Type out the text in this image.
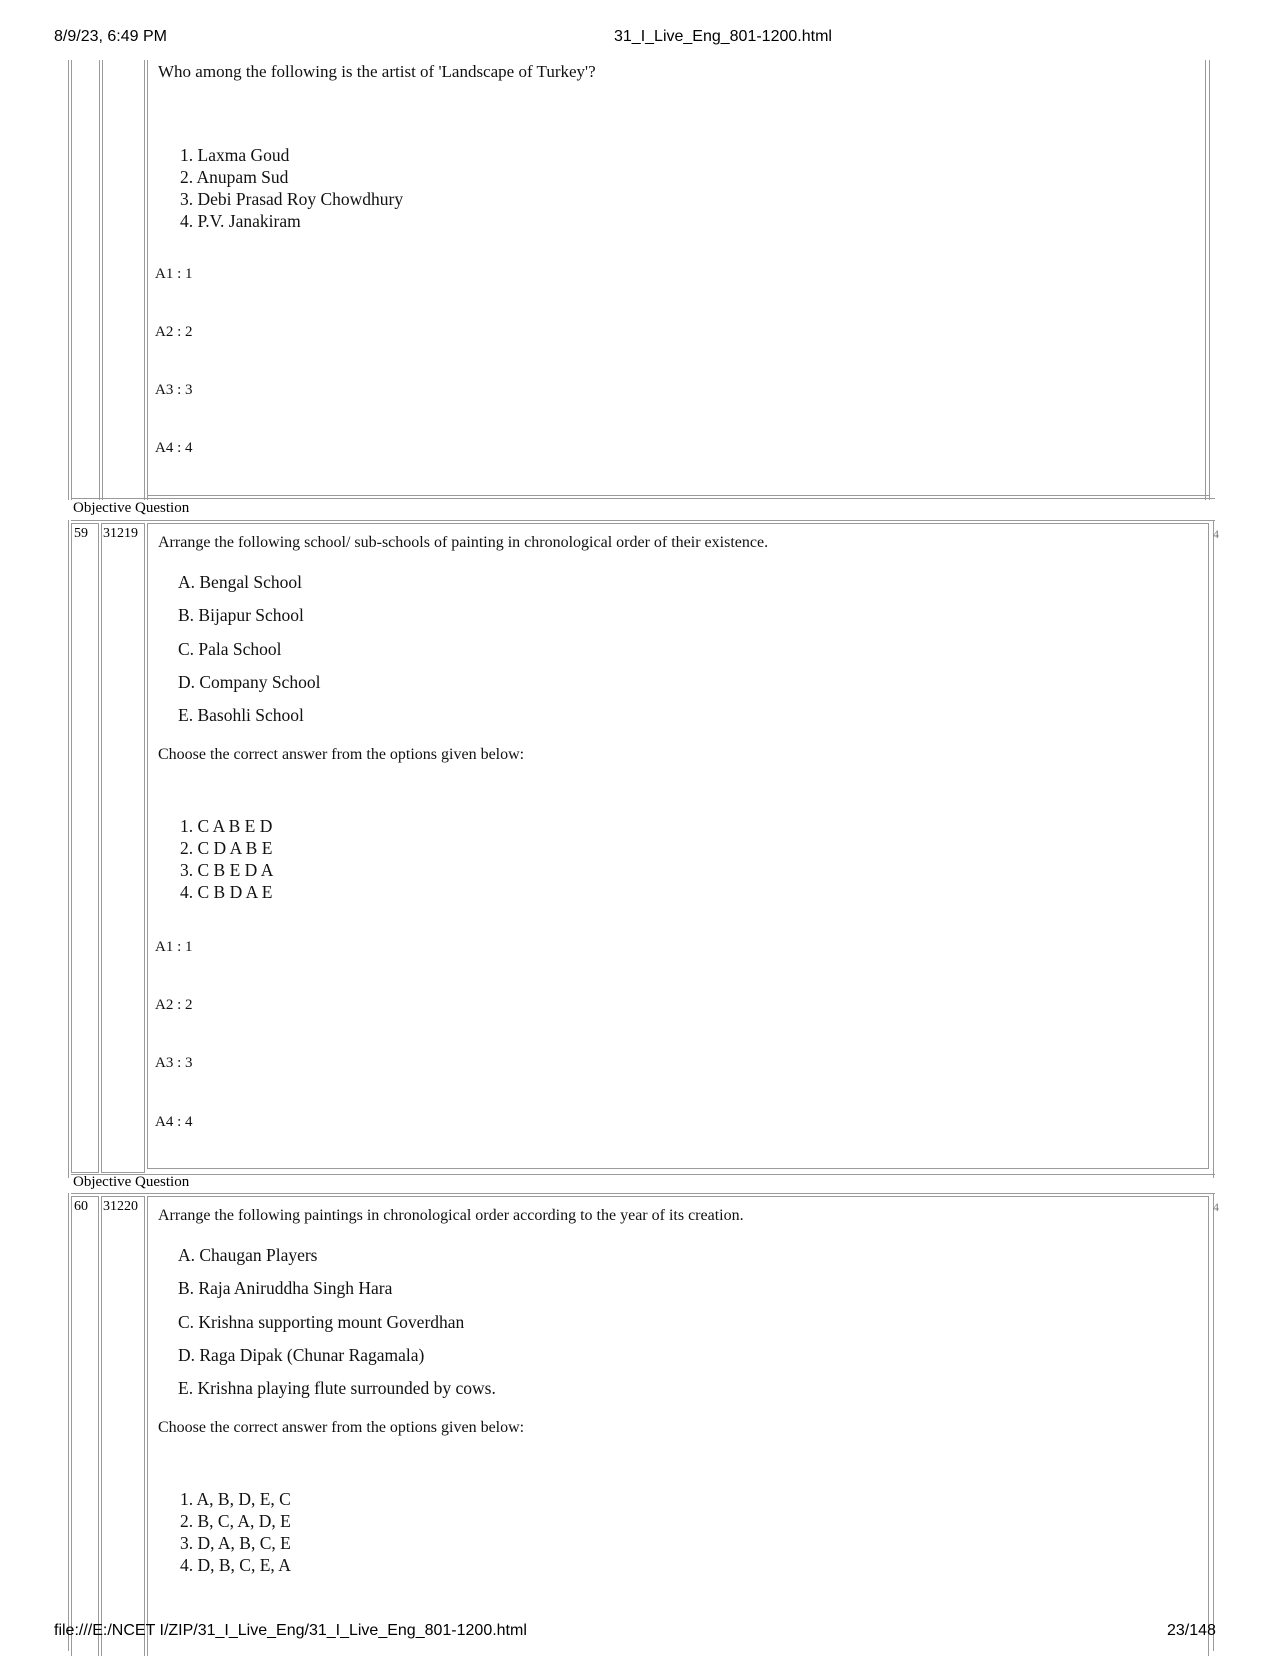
8/9/23, 6:49 PM	31_I_Live_Eng_801-1200.html
Who among the following is the artist of 'Landscape of Turkey'?
1. Laxma Goud
2. Anupam Sud
3. Debi Prasad Roy Chowdhury
4. P.V. Janakiram
A1 : 1
A2 : 2
A3 : 3
A4 : 4
Objective Question
59 31219	4
Arrange the following school/ sub-schools of painting in chronological order of their existence.
A. Bengal School
B. Bijapur School
C. Pala School
D. Company School
E. Basohli School
Choose the correct answer from the options given below:
1. C A B E D
2. C D A B E
3. C B E D A
4. C B D A E
A1 : 1
A2 : 2
A3 : 3
A4 : 4
Objective Question
60 31220	4
Arrange the following paintings in chronological order according to the year of its creation.
A. Chaugan Players
B. Raja Aniruddha Singh Hara
C. Krishna supporting mount Goverdhan
D. Raga Dipak (Chunar Ragamala)
E. Krishna playing flute surrounded by cows.
Choose the correct answer from the options given below:
1. A, B, D, E, C
2. B, C, A, D, E
3. D, A, B, C, E
4. D, B, C, E, A
file:///E:/NCET I/ZIP/31_I_Live_Eng/31_I_Live_Eng_801-1200.html	23/148
